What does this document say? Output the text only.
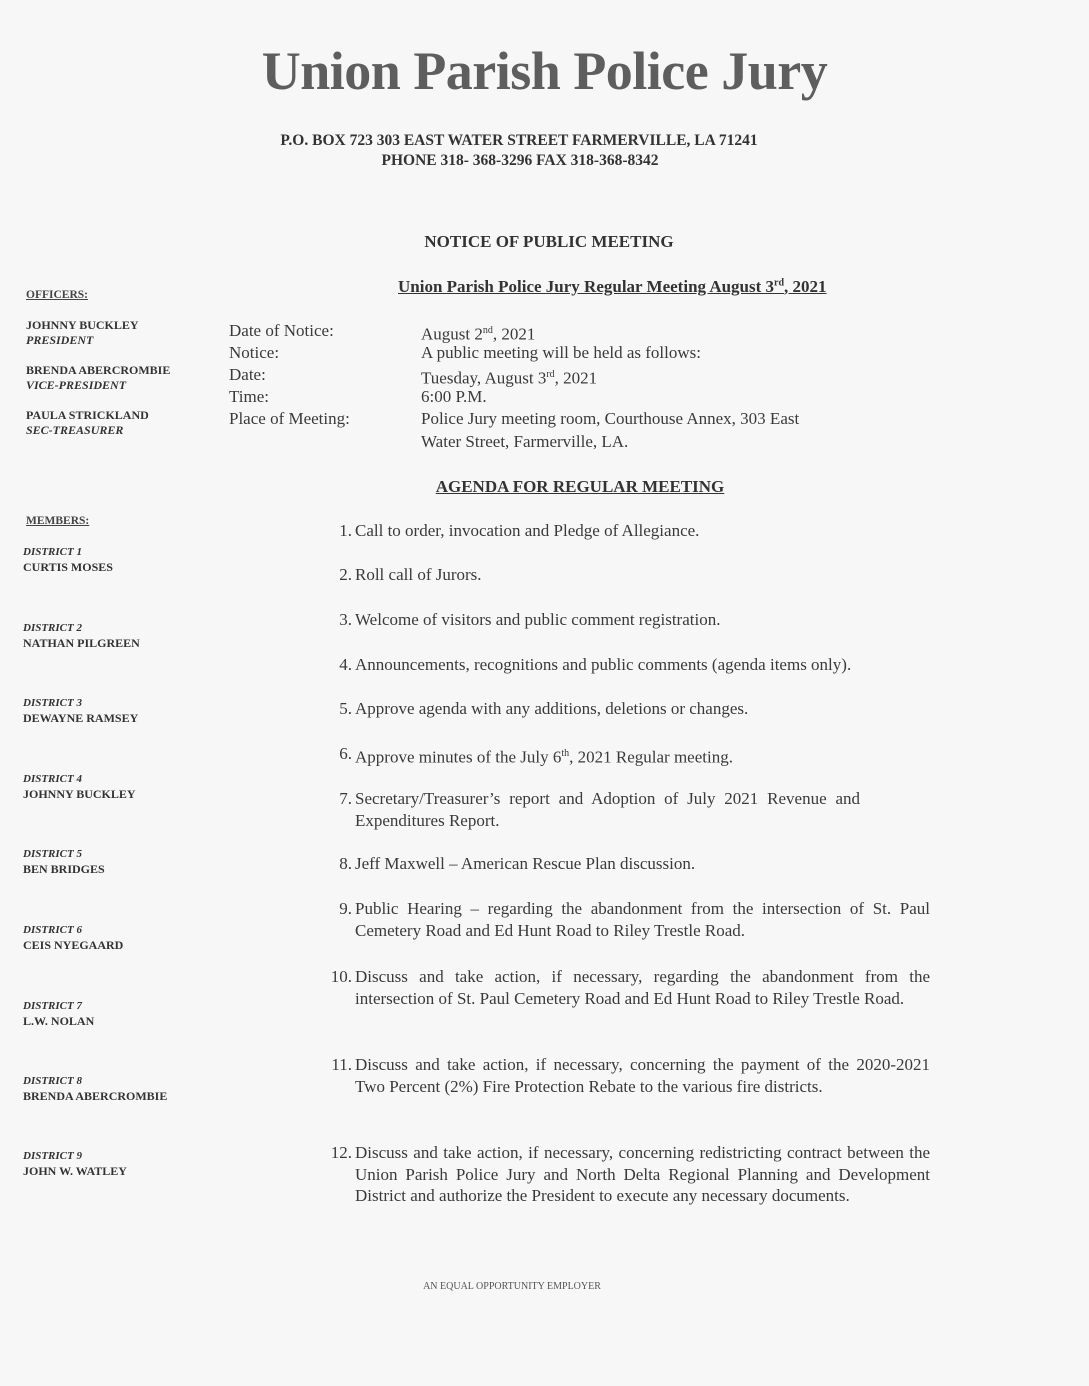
Union Parish Police Jury
P.O. BOX 723 303 EAST WATER STREET FARMERVILLE, LA 71241
PHONE 318- 368-3296 FAX 318-368-8342
NOTICE OF PUBLIC MEETING
Union Parish Police Jury Regular Meeting August 3rd, 2021
OFFICERS:
JOHNNY BUCKLEY
PRESIDENT
BRENDA ABERCROMBIE
VICE-PRESIDENT
PAULA STRICKLAND
SEC-TREASURER
MEMBERS:
DISTRICT 1
CURTIS MOSES
DISTRICT 2
NATHAN PILGREEN
DISTRICT 3
DEWAYNE RAMSEY
DISTRICT 4
JOHNNY BUCKLEY
DISTRICT 5
BEN BRIDGES
DISTRICT 6
CEIS NYEGAARD
DISTRICT 7
L.W. NOLAN
DISTRICT 8
BRENDA ABERCROMBIE
DISTRICT 9
JOHN W. WATLEY
Date of Notice:	August 2nd, 2021
Notice:	A public meeting will be held as follows:
Date:	Tuesday, August 3rd, 2021
Time:	6:00 P.M.
Place of Meeting:	Police Jury meeting room, Courthouse Annex, 303 East
Water Street, Farmerville, LA.
AGENDA FOR REGULAR MEETING
1. Call to order, invocation and Pledge of Allegiance.
2. Roll call of Jurors.
3. Welcome of visitors and public comment registration.
4. Announcements, recognitions and public comments (agenda items only).
5. Approve agenda with any additions, deletions or changes.
6. Approve minutes of the July 6th, 2021 Regular meeting.
7. Secretary/Treasurer’s report and Adoption of July 2021 Revenue and Expenditures Report.
8. Jeff Maxwell – American Rescue Plan discussion.
9. Public Hearing – regarding the abandonment from the intersection of St. Paul Cemetery Road and Ed Hunt Road to Riley Trestle Road.
10. Discuss and take action, if necessary, regarding the abandonment from the intersection of St. Paul Cemetery Road and Ed Hunt Road to Riley Trestle Road.
11. Discuss and take action, if necessary, concerning the payment of the 2020-2021 Two Percent (2%) Fire Protection Rebate to the various fire districts.
12. Discuss and take action, if necessary, concerning redistricting contract between the Union Parish Police Jury and North Delta Regional Planning and Development District and authorize the President to execute any necessary documents.
AN EQUAL OPPORTUNITY EMPLOYER
